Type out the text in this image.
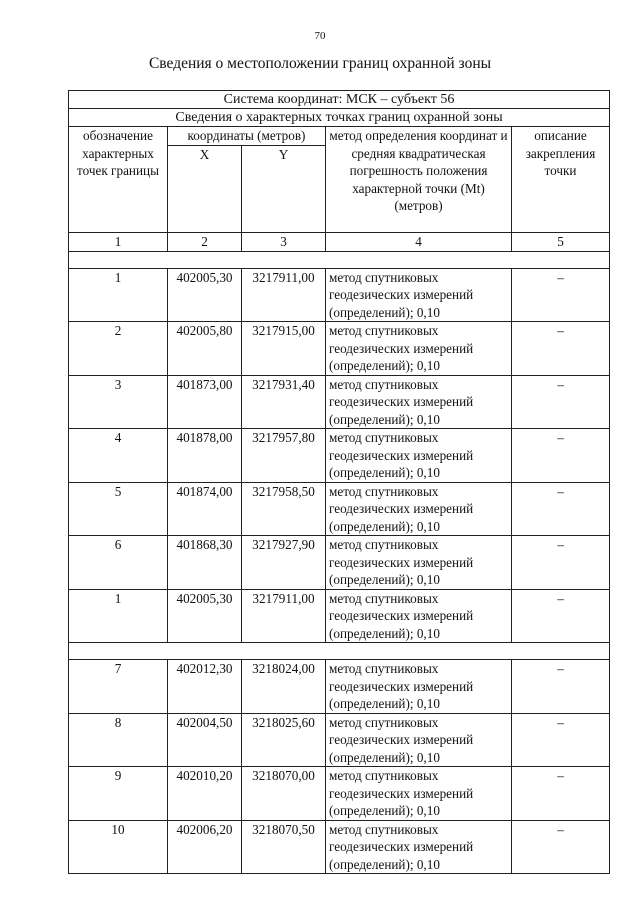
70
Сведения о местоположении границ охранной зоны
Система координат: МСК – субъект 56				
Сведения о характерных точках границ охранной зоны				
обозначение характерных точек границы	координаты (метров)		метод определения координат и средняя квадратическая погрешность положения характерной точки (Mt) (метров)	описание закрепления точки
	X	Y		
1	2	3	4	5

1	402005,30	3217911,00	метод спутниковых геодезических измерений (определений); 0,10	–
2	402005,80	3217915,00	метод спутниковых геодезических измерений (определений); 0,10	–
3	401873,00	3217931,40	метод спутниковых геодезических измерений (определений); 0,10	–
4	401878,00	3217957,80	метод спутниковых геодезических измерений (определений); 0,10	–
5	401874,00	3217958,50	метод спутниковых геодезических измерений (определений); 0,10	–
6	401868,30	3217927,90	метод спутниковых геодезических измерений (определений); 0,10	–
1	402005,30	3217911,00	метод спутниковых геодезических измерений (определений); 0,10	–

7	402012,30	3218024,00	метод спутниковых геодезических измерений (определений); 0,10	–
8	402004,50	3218025,60	метод спутниковых геодезических измерений (определений); 0,10	–
9	402010,20	3218070,00	метод спутниковых геодезических измерений (определений); 0,10	–
10	402006,20	3218070,50	метод спутниковых геодезических измерений (определений); 0,10	–
